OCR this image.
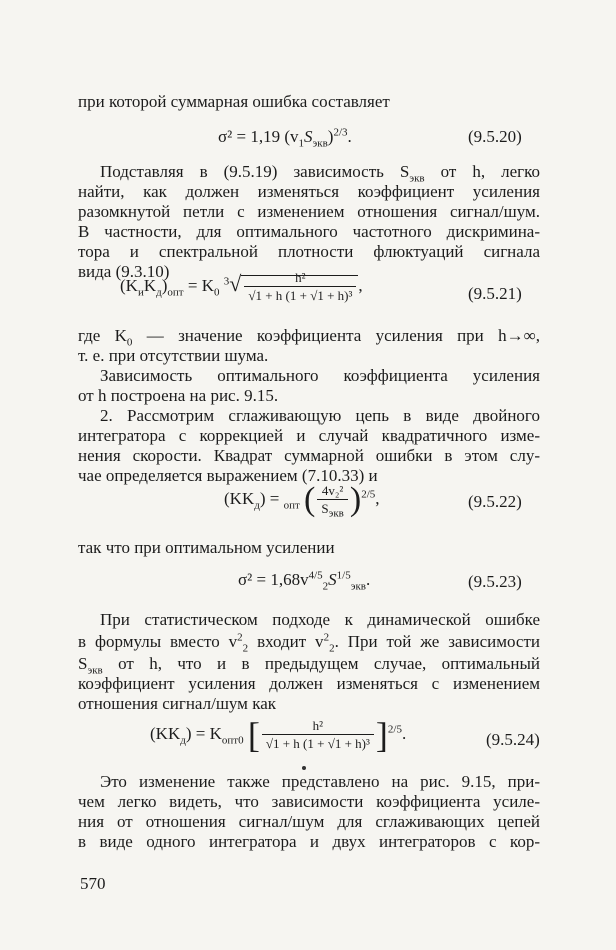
при которой суммарная ошибка составляет
σ² = 1,19 $(v_1S_{экв})^{2/3}$.	(9.5.20)
Подставляя в (9.5.19) зависимость $S_{экв}$ от h, легко
найти, как должен изменяться коэффициент усиления
разомкнутой петли с изменением отношения сигнал/шум.
В частности, для оптимального частотного дискримина-
тора и спектральной плотности флюктуаций сигнала
вида (9.3.10)
$(K_иK_д)_{опт} = K_0$ $^3√ \frac{\text{h²}}{\text{√1 + h (1 + √1 + h)³}}$ ,	(9.5.21)
где $K_0$ — значение коэффициента усиления при h→∞,
т. е. при отсутствии шума.
Зависимость оптимального коэффициента усиления
от h построена на рис. 9.15.
2. Рассмотрим сглаживающую цепь в виде двойного
интегратора с коррекцией и случай квадратичного изме-
нения скорости. Квадрат суммарной ошибки в этом слу-
чае определяется выражением (7.10.33) и
$(KK_д) = _{опт}$ ( $\frac{\text{4v₂²}}{S_{экв}} )^{2/5}$,	(9.5.22)
так что при оптимальном усилении
$\sigma^2 = 1,68v^{4/5}_2S^{1/5}_{экв}$.	(9.5.23)
При статистическом подходе к динамической ошибке
в формулы вместо $v^2_2$ входит $v^2_2$. При той же зависимости
$S_{экв}$ от h, что и в предыдущем случае, оптимальный
коэффициент усиления должен изменяться с изменением
отношения сигнал/шум как
$(KK_д) = K_{опт0}$ [ $\frac{\text{h²}}{\text{√1 + h (1 + √1 + h)³}} ]^{2/5}$.	(9.5.24)
Это изменение также представлено на рис. 9.15, при-
чем легко видеть, что зависимости коэффициента усиле-
ния от отношения сигнал/шум для сглаживающих цепей
в виде одного интегратора и двух интеграторов с кор-
570
